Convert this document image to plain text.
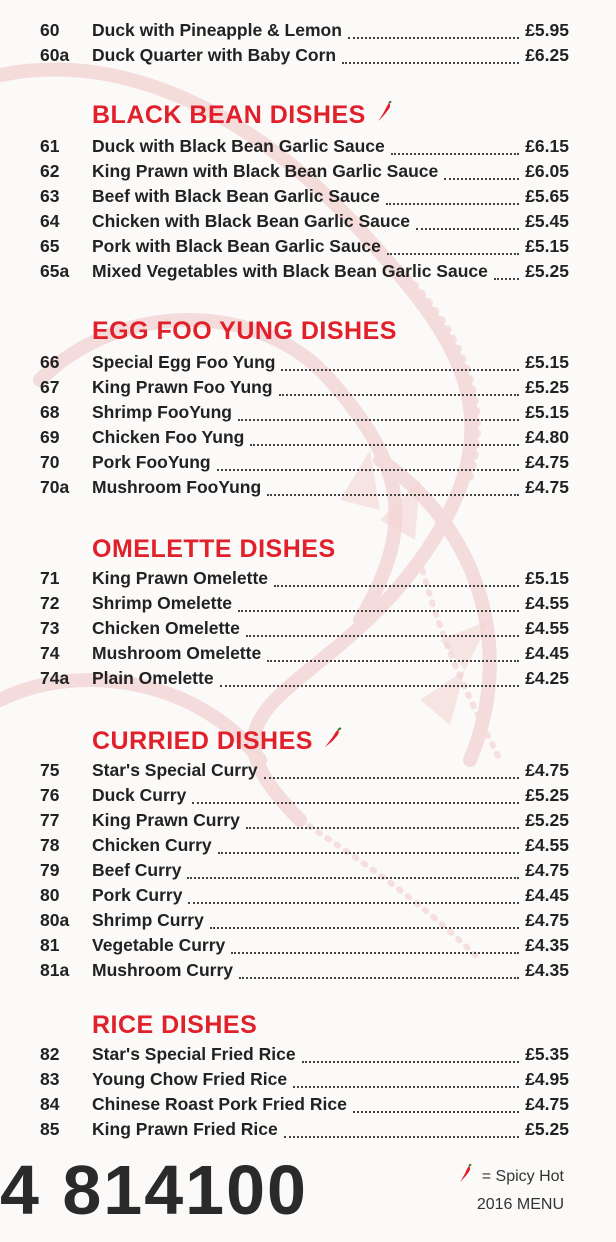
60	Duck with Pineapple & Lemon	£5.95
60a	Duck Quarter with Baby Corn	£6.25
BLACK BEAN DISHES
61	Duck with Black Bean Garlic Sauce	£6.15
62	King Prawn with Black Bean Garlic Sauce	£6.05
63	Beef with Black Bean Garlic Sauce	£5.65
64	Chicken with Black Bean Garlic Sauce	£5.45
65	Pork with Black Bean Garlic Sauce	£5.15
65a	Mixed Vegetables with Black Bean Garlic Sauce	£5.25
EGG FOO YUNG DISHES
66	Special Egg Foo Yung	£5.15
67	King Prawn Foo Yung	£5.25
68	Shrimp FooYung	£5.15
69	Chicken Foo Yung	£4.80
70	Pork FooYung	£4.75
70a	Mushroom FooYung	£4.75
OMELETTE DISHES
71	King Prawn Omelette	£5.15
72	Shrimp Omelette	£4.55
73	Chicken Omelette	£4.55
74	Mushroom Omelette	£4.45
74a	Plain Omelette	£4.25
CURRIED DISHES
75	Star's Special Curry	£4.75
76	Duck Curry	£5.25
77	King Prawn Curry	£5.25
78	Chicken Curry	£4.55
79	Beef Curry	£4.75
80	Pork Curry	£4.45
80a	Shrimp Curry	£4.75
81	Vegetable Curry	£4.35
81a	Mushroom Curry	£4.35
RICE DISHES
82	Star's Special Fried Rice	£5.35
83	Young Chow Fried Rice	£4.95
84	Chinese Roast Pork Fried Rice	£4.75
85	King Prawn Fried Rice	£5.25
4 814100	= Spicy Hot
2016 MENU
